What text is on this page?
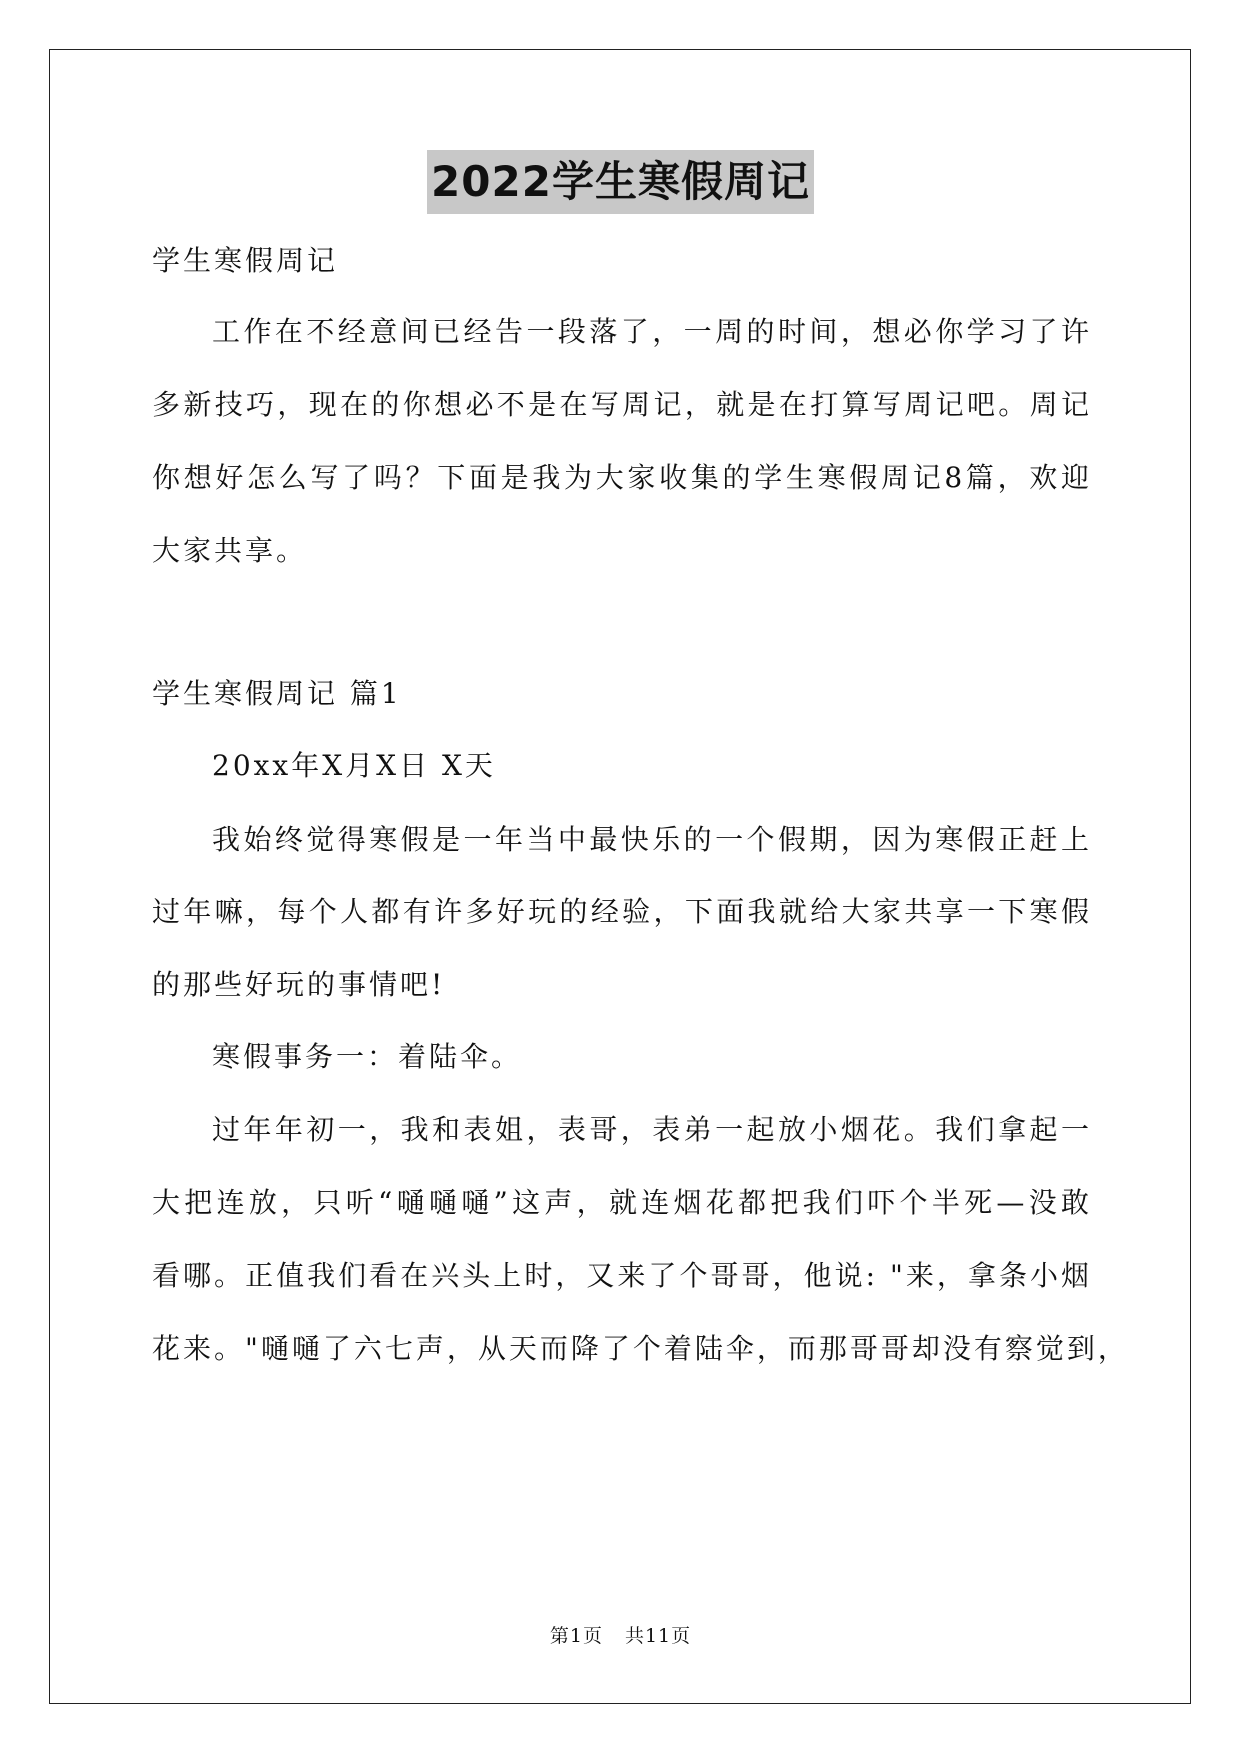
2022学生寒假周记
学生寒假周记
工作在不经意间已经告一段落了，一周的时间，想必你学习了许
多新技巧，现在的你想必不是在写周记，就是在打算写周记吧。周记
你想好怎么写了吗？下面是我为大家收集的学生寒假周记8篇，欢迎
大家共享。
学生寒假周记 篇1
20xx年X月X日 X天
我始终觉得寒假是一年当中最快乐的一个假期，因为寒假正赶上
过年嘛，每个人都有许多好玩的经验，下面我就给大家共享一下寒假
的那些好玩的事情吧!
寒假事务一：着陆伞。
过年年初一，我和表姐，表哥，表弟一起放小烟花。我们拿起一
大把连放，只听“嗵嗵嗵”这声，就连烟花都把我们吓个半死—没敢
看哪。正值我们看在兴头上时，又来了个哥哥，他说: "来，拿条小烟
花来。"嗵嗵了六七声，从天而降了个着陆伞，而那哥哥却没有察觉到，
第1页 共11页
